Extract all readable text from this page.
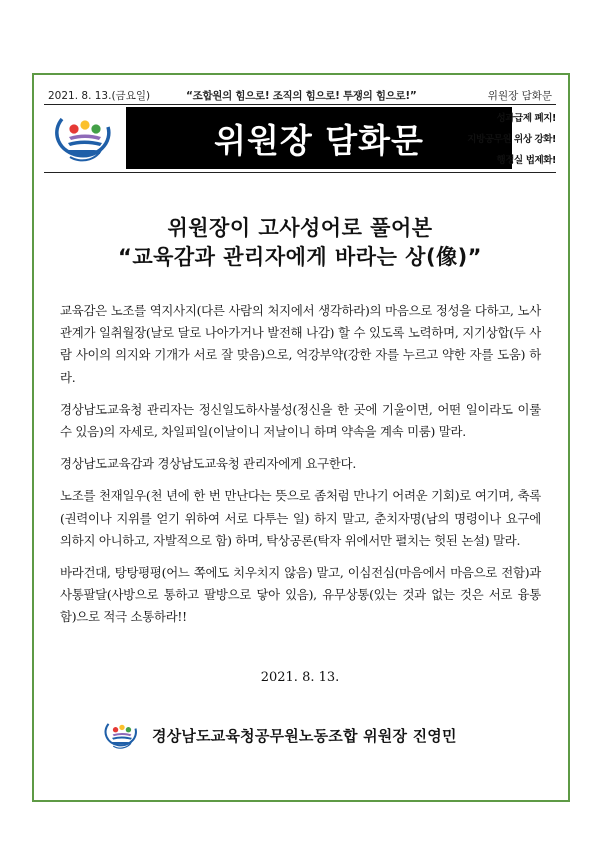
2021. 8. 13.(금요일)	“조합원의 힘으로! 조직의 힘으로! 투쟁의 힘으로!”	위원장 담화문
위원장 담화문
성과급제 폐지!
지방공무원 위상 강화!
행정실 법제화!
위원장이 고사성어로 풀어본
“교육감과 관리자에게 바라는 상(像)”

교육감은 노조를 역지사지(다른 사람의 처지에서 생각하라)의 마음으로 정성을 다하고, 노사관계가 일취월장(날로 달로 나아가거나 발전해 나감) 할 수 있도록 노력하며, 지기상합(두 사람 사이의 의지와 기개가 서로 잘 맞음)으로, 억강부약(강한 자를 누르고 약한 자를 도움) 하라.

경상남도교육청 관리자는 정신일도하사불성(정신을 한 곳에 기울이면, 어떤 일이라도 이룰수 있음)의 자세로, 차일피일(이날이니 저날이니 하며 약속을 계속 미룸) 말라.

경상남도교육감과 경상남도교육청 관리자에게 요구한다.

노조를 천재일우(천 년에 한 번 만난다는 뜻으로 좀처럼 만나기 어려운 기회)로 여기며, 축록(권력이나 지위를 얻기 위하여 서로 다투는 일) 하지 말고, 춘치자명(남의 명령이나 요구에 의하지 아니하고, 자발적으로 함) 하며, 탁상공론(탁자 위에서만 펼치는 헛된 논설) 말라.

바라건대, 탕탕평평(어느 쪽에도 치우치지 않음) 말고, 이심전심(마음에서 마음으로 전함)과 사통팔달(사방으로 통하고 팔방으로 닿아 있음), 유무상통(있는 것과 없는 것은 서로 융통 함)으로 적극 소통하라!!

2021. 8. 13.
경상남도교육청공무원노동조합 위원장 진영민
